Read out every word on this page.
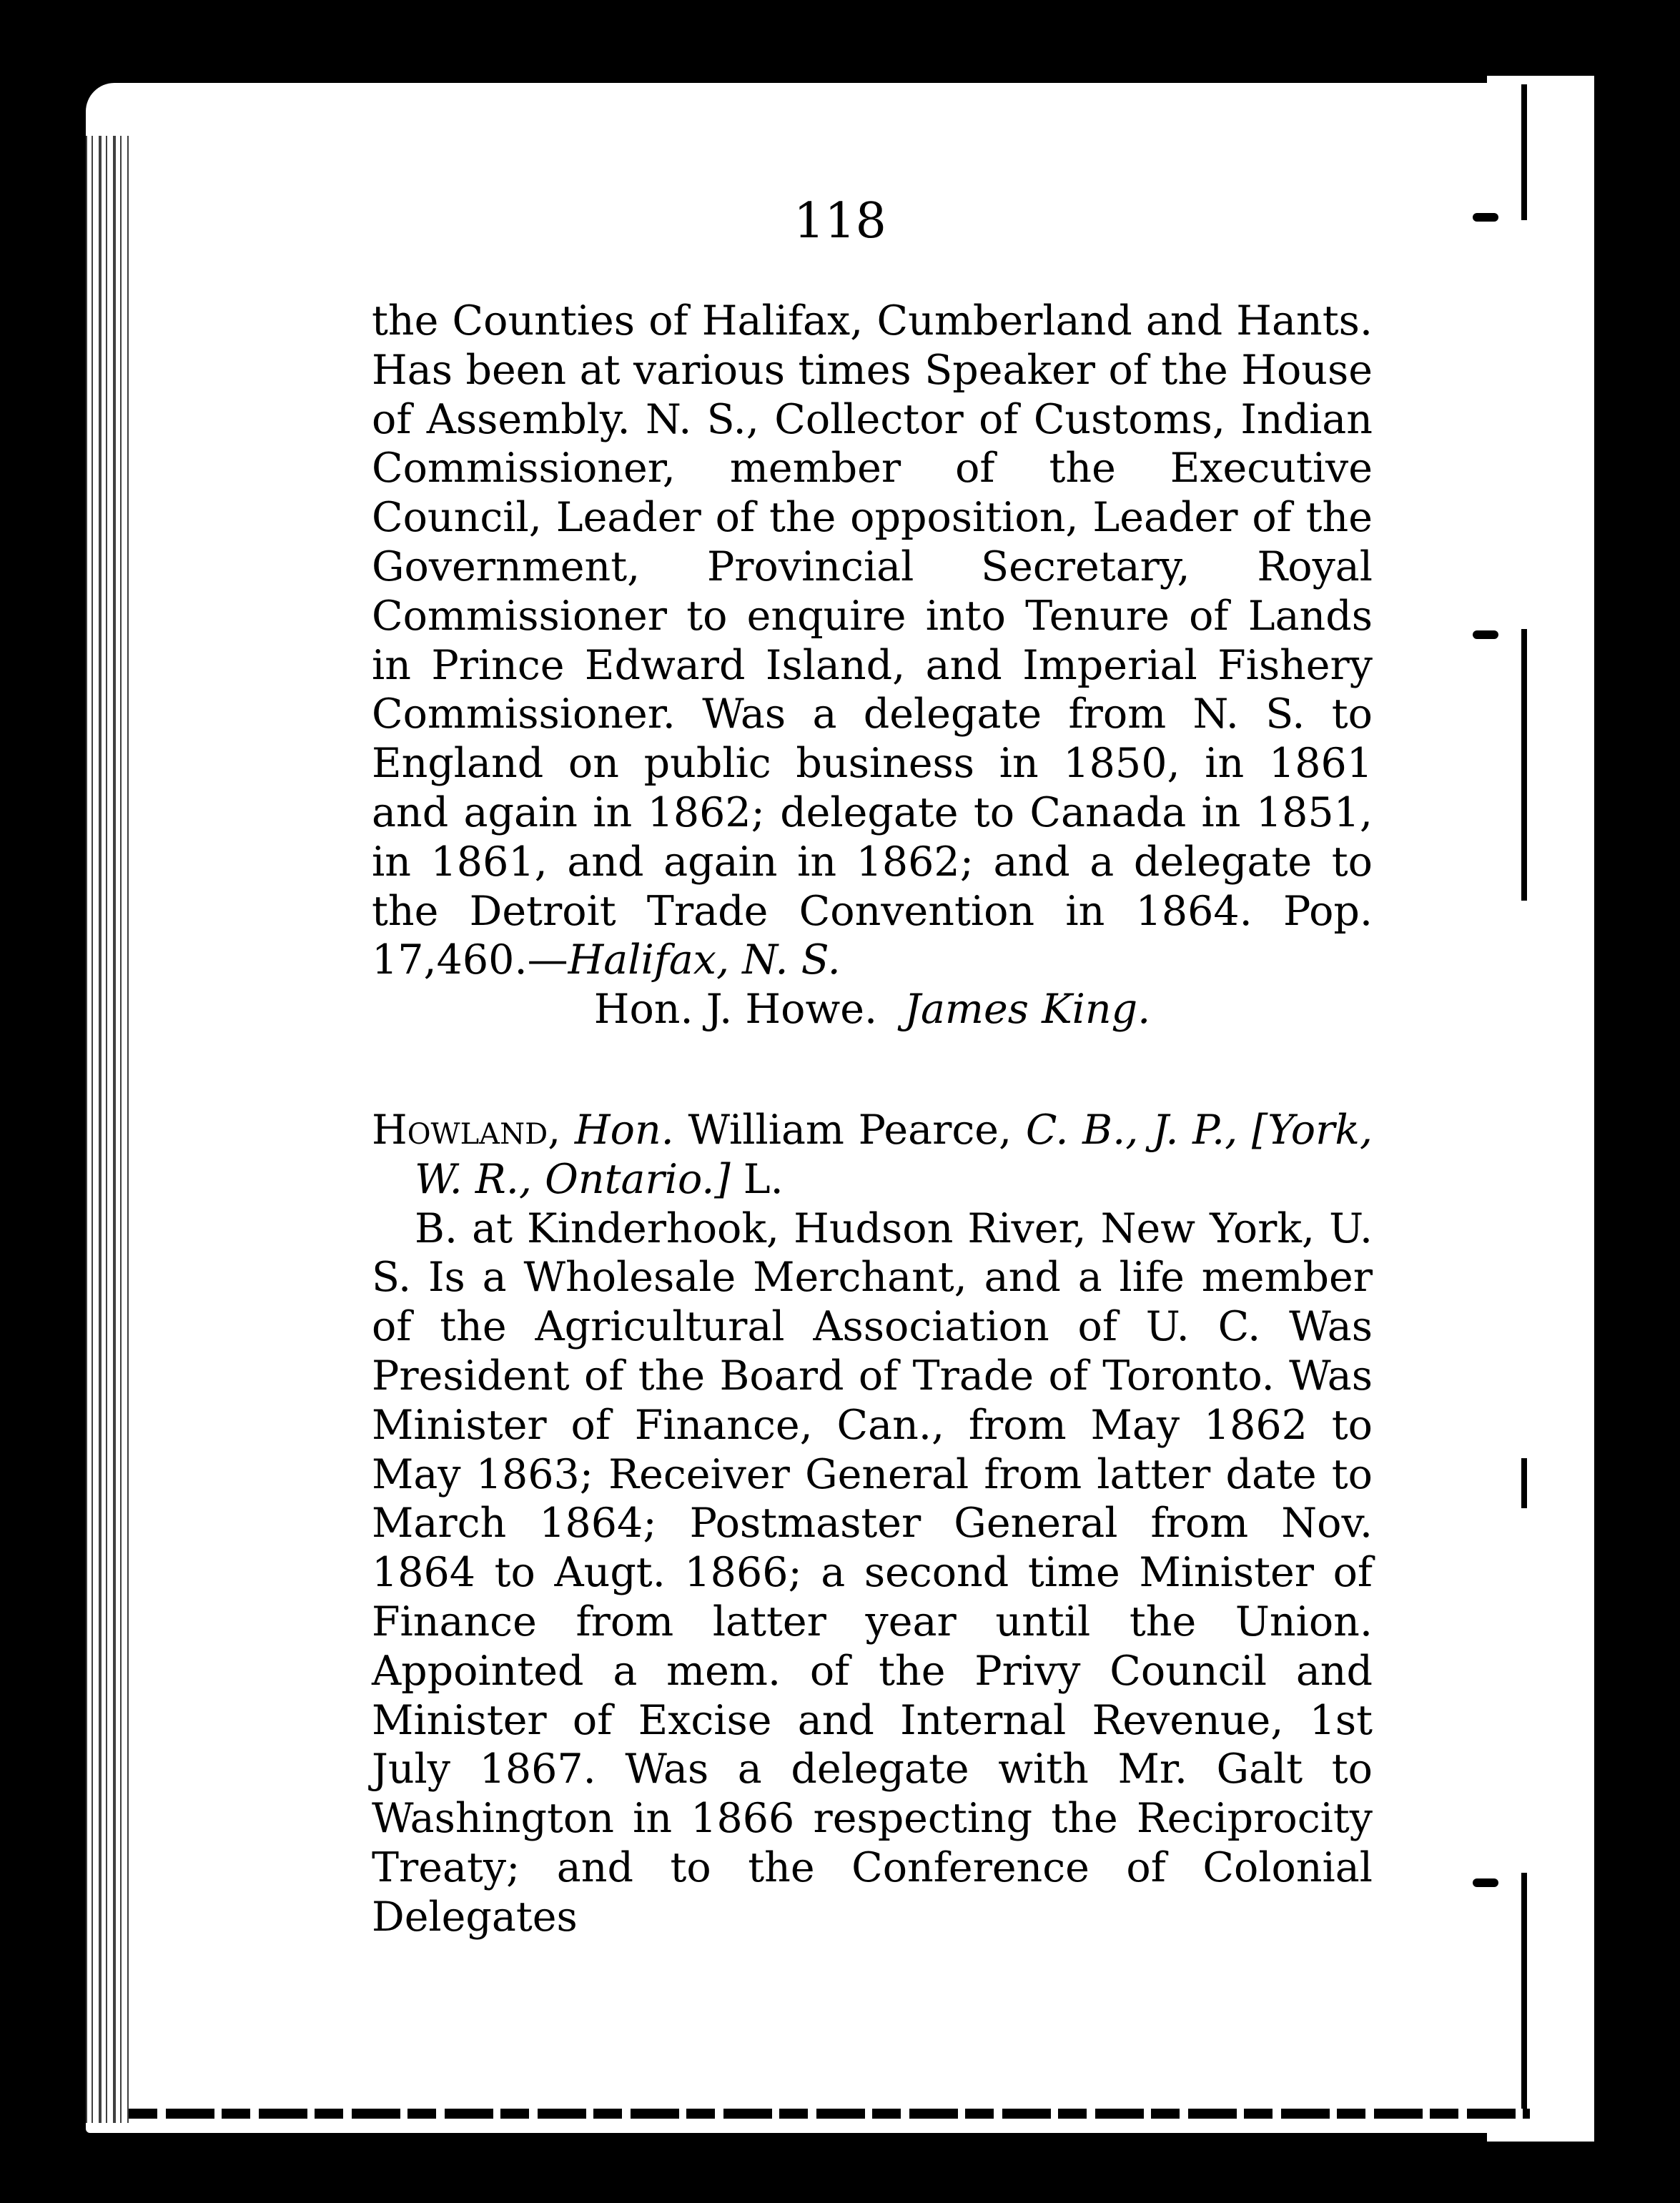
118

the Counties of Halifax, Cumberland and Hants. Has been at various times Speaker of the House of Assembly. N. S., Collector of Customs, Indian Commissioner, member of the Executive Council, Leader of the opposition, Leader of the Government, Provincial Secretary, Royal Commissioner to enquire into Tenure of Lands in Prince Edward Island, and Imperial Fishery Commissioner. Was a delegate from N. S. to England on public business in 1850, in 1861 and again in 1862; delegate to Canada in 1851, in 1861, and again in 1862; and a delegate to the Detroit Trade Convention in 1864. Pop. 17,460.—Halifax, N. S.

Hon. J. Howe. James King.

Howland, Hon. William Pearce, C. B., J. P., [York, W. R., Ontario.] L.

B. at Kinderhook, Hudson River, New York, U. S. Is a Wholesale Merchant, and a life member of the Agricultural Association of U. C. Was President of the Board of Trade of Toronto. Was Minister of Finance, Can., from May 1862 to May 1863; Receiver General from latter date to March 1864; Postmaster General from Nov. 1864 to Augt. 1866; a second time Minister of Finance from latter year until the Union. Appointed a mem. of the Privy Council and Minister of Excise and Internal Revenue, 1st July 1867. Was a delegate with Mr. Galt to Washington in 1866 respecting the Reciprocity Treaty; and to the Conference of Colonial Delegates
